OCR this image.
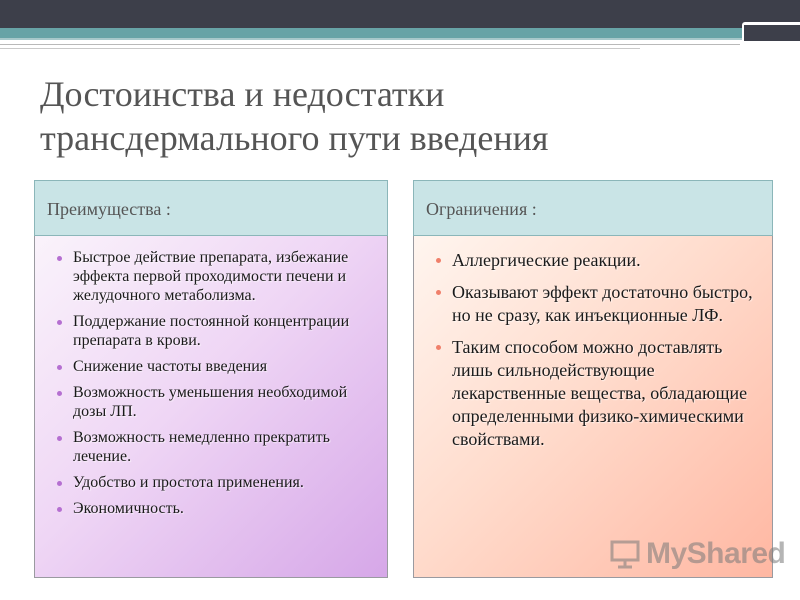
Достоинства и недостатки
трансдермального пути введения
Преимущества :	Ограничения :
Быстрое действие препарата, избежание эффекта первой проходимости печени и желудочного метаболизма.
Поддержание постоянной концентрации препарата в крови.
Снижение частоты введения
Возможность уменьшения необходимой дозы ЛП.
Возможность немедленно прекратить лечение.
Удобство и простота применения.
Экономичность.
Аллергические реакции.
Оказывают эффект достаточно быстро, но не сразу, как инъекционные ЛФ.
Таким способом можно доставлять лишь сильнодействующие лекарственные вещества, обладающие определенными физико-химическими свойствами.
MyShared
